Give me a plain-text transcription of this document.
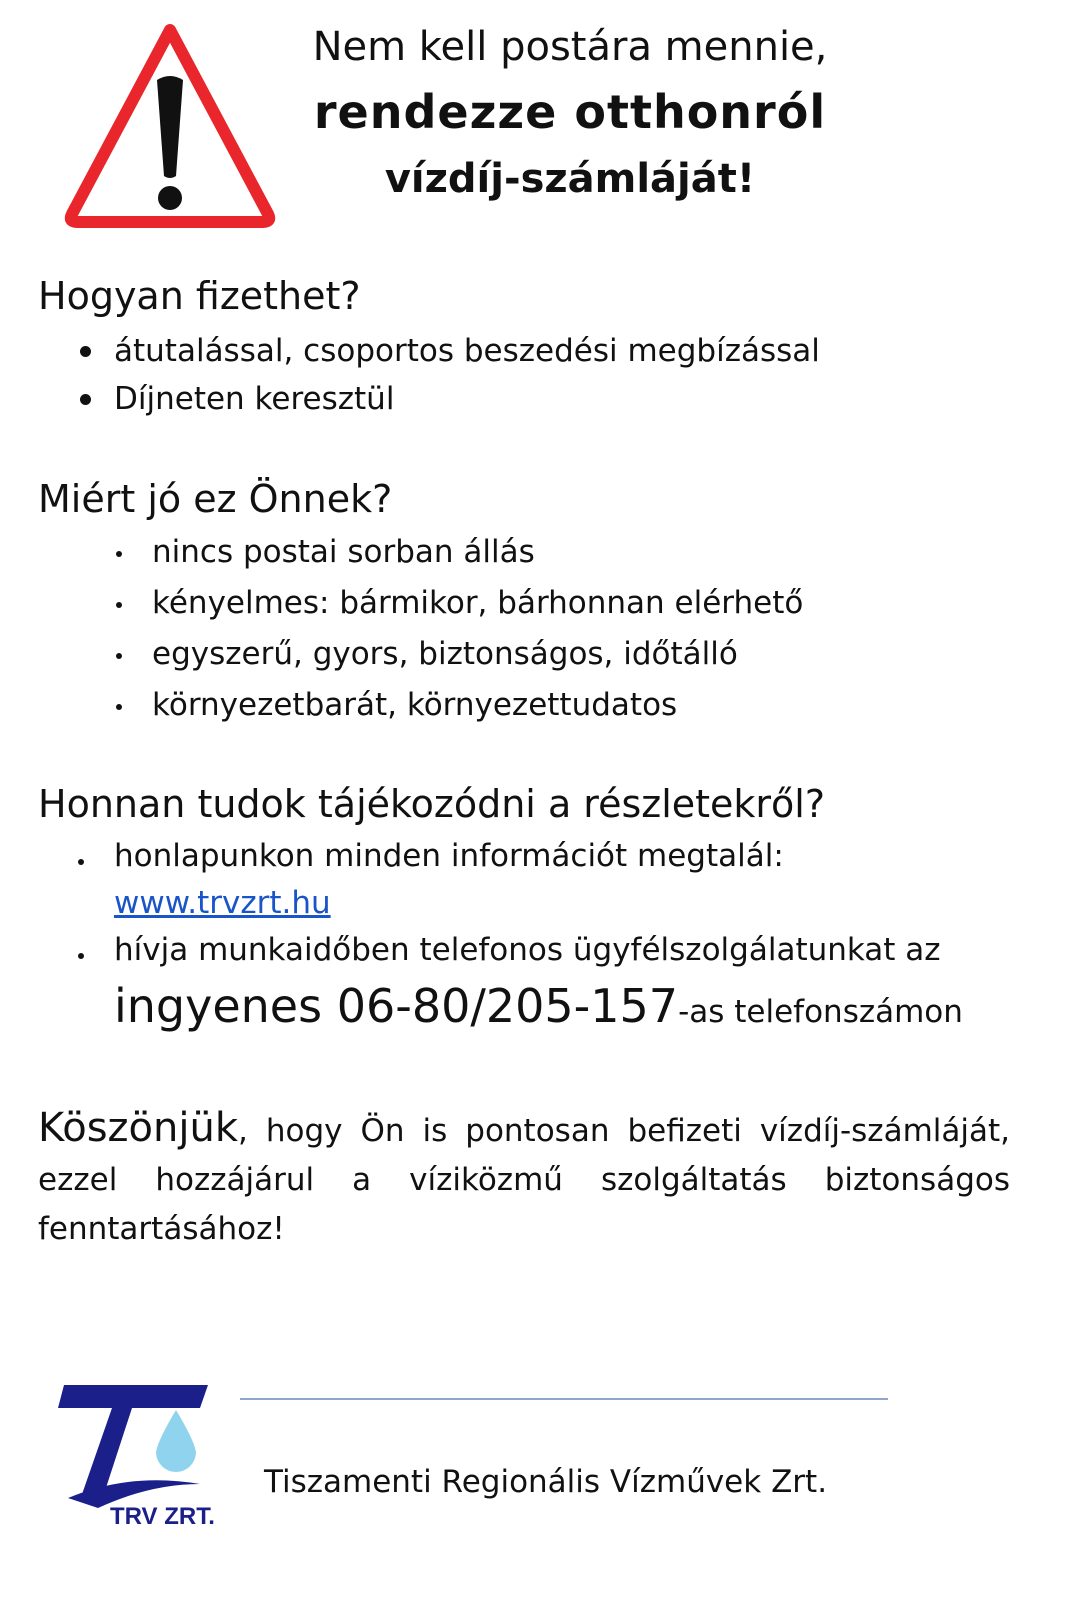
Nem kell postára mennie,
rendezze otthonról
vízdíj-számláját!
Hogyan fizethet?
átutalással, csoportos beszedési megbízással
Díjneten keresztül
Miért jó ez Önnek?
nincs postai sorban állás
kényelmes: bármikor, bárhonnan elérhető
egyszerű, gyors, biztonságos, időtálló
környezetbarát, környezettudatos
Honnan tudok tájékozódni a részletekről?
honlapunkon minden információt megtalál:
www.trvzrt.hu
hívja munkaidőben telefonos ügyfélszolgálatunkat az
ingyenes 06-80/205-157-as telefonszámon
Köszönjük, hogy Ön is pontosan befizeti vízdíj-számláját,
ezzel hozzájárul a víziközmű szolgáltatás biztonságos
fenntartásához!
TRV ZRT.
Tiszamenti Regionális Vízművek Zrt.
